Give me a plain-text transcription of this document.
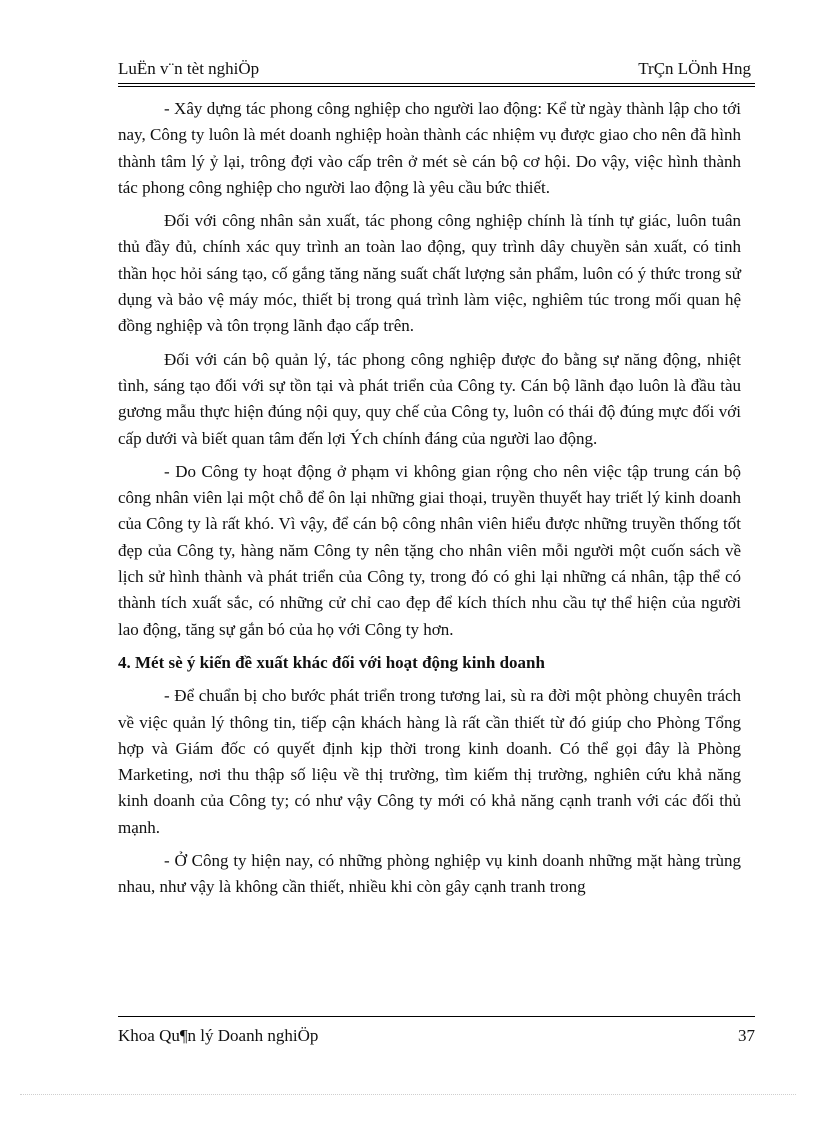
LuËn v¨n tèt nghiÖp	TrÇn LÖnh Hng

- Xây dựng tác phong công nghiệp cho người lao động: Kể từ ngày thành lập cho tới nay, Công ty luôn là mét doanh nghiệp hoàn thành các nhiệm vụ được giao cho nên đã hình thành tâm lý ỷ lại, trông đợi vào cấp trên ở mét sè cán bộ cơ hội. Do vậy, việc hình thành tác phong công nghiệp cho người lao động là yêu cầu bức thiết.

Đối với công nhân sản xuất, tác phong công nghiệp chính là tính tự giác, luôn tuân thủ đầy đủ, chính xác quy trình an toàn lao động, quy trình dây chuyền sản xuất, có tinh thần học hỏi sáng tạo, cố gắng tăng năng suất chất lượng sản phẩm, luôn có ý thức trong sử dụng và bảo vệ máy móc, thiết bị trong quá trình làm việc, nghiêm túc trong mối quan hệ đồng nghiệp và tôn trọng lãnh đạo cấp trên.

Đối với cán bộ quản lý, tác phong công nghiệp được đo bằng sự năng động, nhiệt tình, sáng tạo đối với sự tồn tại và phát triển của Công ty. Cán bộ lãnh đạo luôn là đầu tàu gương mẫu thực hiện đúng nội quy, quy chế của Công ty, luôn có thái độ đúng mực đối với cấp dưới và biết quan tâm đến lợi Ých chính đáng của người lao động.

- Do Công ty hoạt động ở phạm vi không gian rộng cho nên việc tập trung cán bộ công nhân viên lại một chỗ để ôn lại những giai thoại, truyền thuyết hay triết lý kinh doanh của Công ty là rất khó. Vì vậy, để cán bộ công nhân viên hiểu được những truyền thống tốt đẹp của Công ty, hàng năm Công ty nên tặng cho nhân viên mỗi người một cuốn sách về lịch sử hình thành và phát triển của Công ty, trong đó có ghi lại những cá nhân, tập thể có thành tích xuất sắc, có những cử chỉ cao đẹp để kích thích nhu cầu tự thể hiện của người lao động, tăng sự gắn bó của họ với Công ty hơn.

4. Mét sè ý kiến đề xuất khác đối với hoạt động kinh doanh

- Để chuẩn bị cho bước phát triển trong tương lai, sù ra đời một phòng chuyên trách về việc quản lý thông tin, tiếp cận khách hàng là rất cần thiết từ đó giúp cho Phòng Tổng hợp và Giám đốc có quyết định kịp thời trong kinh doanh. Có thể gọi đây là Phòng Marketing, nơi thu thập số liệu về thị trường, tìm kiếm thị trường, nghiên cứu khả năng kinh doanh của Công ty; có như vậy Công ty mới có khả năng cạnh tranh với các đối thủ mạnh.

- Ở Công ty hiện nay, có những phòng nghiệp vụ kinh doanh những mặt hàng trùng nhau, như vậy là không cần thiết, nhiều khi còn gây cạnh tranh trong

Khoa Qu¶n lý Doanh nghiÖp	37
